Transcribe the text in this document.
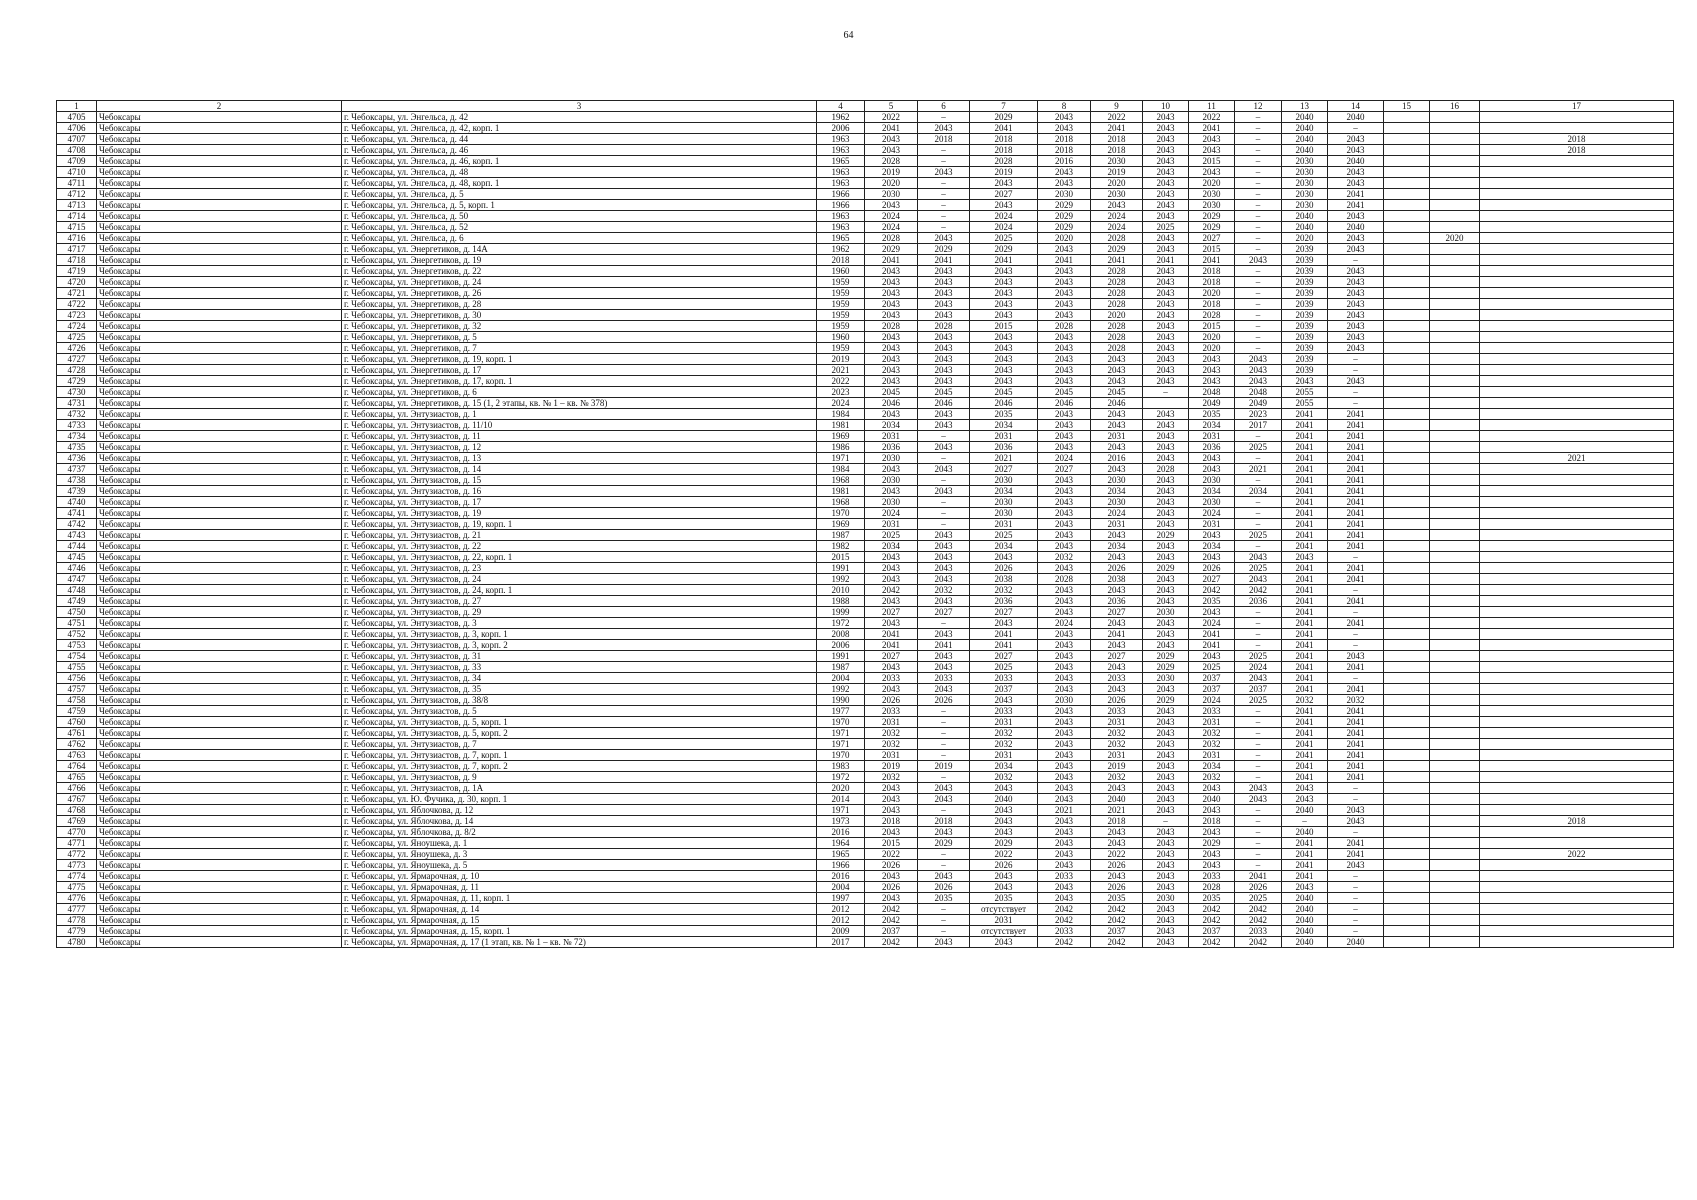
64
1	2	3	4	5	6	7	8	9	10	11	12	13	14	15	16	17
4705	Чебоксары	г. Чебоксары, ул. Энгельса, д. 42	1962	2022	–	2029	2043	2022	2043	2022	–	2040	2040			
4706	Чебоксары	г. Чебоксары, ул. Энгельса, д. 42, корп. 1	2006	2041	2043	2041	2043	2041	2043	2041	–	2040	–			
4707	Чебоксары	г. Чебоксары, ул. Энгельса, д. 44	1963	2043	2018	2018	2018	2018	2043	2043	–	2040	2043			2018
4708	Чебоксары	г. Чебоксары, ул. Энгельса, д. 46	1963	2043	–	2018	2018	2018	2043	2043	–	2040	2043			2018
4709	Чебоксары	г. Чебоксары, ул. Энгельса, д. 46, корп. 1	1965	2028	–	2028	2016	2030	2043	2015	–	2030	2040			
4710	Чебоксары	г. Чебоксары, ул. Энгельса, д. 48	1963	2019	2043	2019	2043	2019	2043	2043	–	2030	2043			
4711	Чебоксары	г. Чебоксары, ул. Энгельса, д. 48, корп. 1	1963	2020	–	2043	2043	2020	2043	2020	–	2030	2043			
4712	Чебоксары	г. Чебоксары, ул. Энгельса, д. 5	1966	2030	–	2027	2030	2030	2043	2030	–	2030	2041			
4713	Чебоксары	г. Чебоксары, ул. Энгельса, д. 5, корп. 1	1966	2043	–	2043	2029	2043	2043	2030	–	2030	2041			
4714	Чебоксары	г. Чебоксары, ул. Энгельса, д. 50	1963	2024	–	2024	2029	2024	2043	2029	–	2040	2043			
4715	Чебоксары	г. Чебоксары, ул. Энгельса, д. 52	1963	2024	–	2024	2029	2024	2025	2029	–	2040	2040			
4716	Чебоксары	г. Чебоксары, ул. Энгельса, д. 6	1965	2028	2043	2025	2020	2028	2043	2027	–	2020	2043		2020	
4717	Чебоксары	г. Чебоксары, ул. Энергетиков, д. 14А	1962	2029	2029	2029	2043	2029	2043	2015	–	2039	2043			
4718	Чебоксары	г. Чебоксары, ул. Энергетиков, д. 19	2018	2041	2041	2041	2041	2041	2041	2041	2043	2039	–			
4719	Чебоксары	г. Чебоксары, ул. Энергетиков, д. 22	1960	2043	2043	2043	2043	2028	2043	2018	–	2039	2043			
4720	Чебоксары	г. Чебоксары, ул. Энергетиков, д. 24	1959	2043	2043	2043	2043	2028	2043	2018	–	2039	2043			
4721	Чебоксары	г. Чебоксары, ул. Энергетиков, д. 26	1959	2043	2043	2043	2043	2028	2043	2020	–	2039	2043			
4722	Чебоксары	г. Чебоксары, ул. Энергетиков, д. 28	1959	2043	2043	2043	2043	2028	2043	2018	–	2039	2043			
4723	Чебоксары	г. Чебоксары, ул. Энергетиков, д. 30	1959	2043	2043	2043	2043	2020	2043	2028	–	2039	2043			
4724	Чебоксары	г. Чебоксары, ул. Энергетиков, д. 32	1959	2028	2028	2015	2028	2028	2043	2015	–	2039	2043			
4725	Чебоксары	г. Чебоксары, ул. Энергетиков, д. 5	1960	2043	2043	2043	2043	2028	2043	2020	–	2039	2043			
4726	Чебоксары	г. Чебоксары, ул. Энергетиков, д. 7	1959	2043	2043	2043	2043	2028	2043	2020	–	2039	2043			
4727	Чебоксары	г. Чебоксары, ул. Энергетиков, д. 19, корп. 1	2019	2043	2043	2043	2043	2043	2043	2043	2043	2039	–			
4728	Чебоксары	г. Чебоксары, ул. Энергетиков, д. 17	2021	2043	2043	2043	2043	2043	2043	2043	2043	2039	–			
4729	Чебоксары	г. Чебоксары, ул. Энергетиков, д. 17, корп. 1	2022	2043	2043	2043	2043	2043	2043	2043	2043	2043	2043			
4730	Чебоксары	г. Чебоксары, ул. Энергетиков, д. 6	2023	2045	2045	2045	2045	2045	–	2048	2048	2055	–			
4731	Чебоксары	г. Чебоксары, ул. Энергетиков, д. 15 (1, 2 этапы, кв. № 1 – кв. № 378)	2024	2046	2046	2046	2046	2046		2049	2049	2055	–			
4732	Чебоксары	г. Чебоксары, ул. Энтузиастов, д. 1	1984	2043	2043	2035	2043	2043	2043	2035	2023	2041	2041			
4733	Чебоксары	г. Чебоксары, ул. Энтузиастов, д. 11/10	1981	2034	2043	2034	2043	2043	2043	2034	2017	2041	2041			
4734	Чебоксары	г. Чебоксары, ул. Энтузиастов, д. 11	1969	2031	–	2031	2043	2031	2043	2031	–	2041	2041			
4735	Чебоксары	г. Чебоксары, ул. Энтузиастов, д. 12	1986	2036	2043	2036	2043	2043	2043	2036	2025	2041	2041			
4736	Чебоксары	г. Чебоксары, ул. Энтузиастов, д. 13	1971	2030	–	2021	2024	2016	2043	2043	–	2041	2041			2021
4737	Чебоксары	г. Чебоксары, ул. Энтузиастов, д. 14	1984	2043	2043	2027	2027	2043	2028	2043	2021	2041	2041			
4738	Чебоксары	г. Чебоксары, ул. Энтузиастов, д. 15	1968	2030	–	2030	2043	2030	2043	2030	–	2041	2041			
4739	Чебоксары	г. Чебоксары, ул. Энтузиастов, д. 16	1981	2043	2043	2034	2043	2034	2043	2034	2034	2041	2041			
4740	Чебоксары	г. Чебоксары, ул. Энтузиастов, д. 17	1968	2030	–	2030	2043	2030	2043	2030	–	2041	2041			
4741	Чебоксары	г. Чебоксары, ул. Энтузиастов, д. 19	1970	2024	–	2030	2043	2024	2043	2024	–	2041	2041			
4742	Чебоксары	г. Чебоксары, ул. Энтузиастов, д. 19, корп. 1	1969	2031	–	2031	2043	2031	2043	2031	–	2041	2041			
4743	Чебоксары	г. Чебоксары, ул. Энтузиастов, д. 21	1987	2025	2043	2025	2043	2043	2029	2043	2025	2041	2041			
4744	Чебоксары	г. Чебоксары, ул. Энтузиастов, д. 22	1982	2034	2043	2034	2043	2034	2043	2034	–	2041	2041			
4745	Чебоксары	г. Чебоксары, ул. Энтузиастов, д. 22, корп. 1	2015	2043	2043	2043	2032	2043	2043	2043	2043	2043	–			
4746	Чебоксары	г. Чебоксары, ул. Энтузиастов, д. 23	1991	2043	2043	2026	2043	2026	2029	2026	2025	2041	2041			
4747	Чебоксары	г. Чебоксары, ул. Энтузиастов, д. 24	1992	2043	2043	2038	2028	2038	2043	2027	2043	2041	2041			
4748	Чебоксары	г. Чебоксары, ул. Энтузиастов, д. 24, корп. 1	2010	2042	2032	2032	2043	2043	2043	2042	2042	2041	–			
4749	Чебоксары	г. Чебоксары, ул. Энтузиастов, д. 27	1988	2043	2043	2036	2043	2036	2043	2035	2036	2041	2041			
4750	Чебоксары	г. Чебоксары, ул. Энтузиастов, д. 29	1999	2027	2027	2027	2043	2027	2030	2043	–	2041	–			
4751	Чебоксары	г. Чебоксары, ул. Энтузиастов, д. 3	1972	2043	–	2043	2024	2043	2043	2024	–	2041	2041			
4752	Чебоксары	г. Чебоксары, ул. Энтузиастов, д. 3, корп. 1	2008	2041	2043	2041	2043	2041	2043	2041	–	2041	–			
4753	Чебоксары	г. Чебоксары, ул. Энтузиастов, д. 3, корп. 2	2006	2041	2041	2041	2043	2043	2043	2041	–	2041	–			
4754	Чебоксары	г. Чебоксары, ул. Энтузиастов, д. 31	1991	2027	2043	2027	2043	2027	2029	2043	2025	2041	2043			
4755	Чебоксары	г. Чебоксары, ул. Энтузиастов, д. 33	1987	2043	2043	2025	2043	2043	2029	2025	2024	2041	2041			
4756	Чебоксары	г. Чебоксары, ул. Энтузиастов, д. 34	2004	2033	2033	2033	2043	2033	2030	2037	2043	2041	–			
4757	Чебоксары	г. Чебоксары, ул. Энтузиастов, д. 35	1992	2043	2043	2037	2043	2043	2043	2037	2037	2041	2041			
4758	Чебоксары	г. Чебоксары, ул. Энтузиастов, д. 38/8	1990	2026	2026	2043	2030	2026	2029	2024	2025	2032	2032			
4759	Чебоксары	г. Чебоксары, ул. Энтузиастов, д. 5	1977	2033	–	2033	2043	2033	2043	2033	–	2041	2041			
4760	Чебоксары	г. Чебоксары, ул. Энтузиастов, д. 5, корп. 1	1970	2031	–	2031	2043	2031	2043	2031	–	2041	2041			
4761	Чебоксары	г. Чебоксары, ул. Энтузиастов, д. 5, корп. 2	1971	2032	–	2032	2043	2032	2043	2032	–	2041	2041			
4762	Чебоксары	г. Чебоксары, ул. Энтузиастов, д. 7	1971	2032	–	2032	2043	2032	2043	2032	–	2041	2041			
4763	Чебоксары	г. Чебоксары, ул. Энтузиастов, д. 7, корп. 1	1970	2031	–	2031	2043	2031	2043	2031	–	2041	2041			
4764	Чебоксары	г. Чебоксары, ул. Энтузиастов, д. 7, корп. 2	1983	2019	2019	2034	2043	2019	2043	2034	–	2041	2041			
4765	Чебоксары	г. Чебоксары, ул. Энтузиастов, д. 9	1972	2032	–	2032	2043	2032	2043	2032	–	2041	2041			
4766	Чебоксары	г. Чебоксары, ул. Энтузиастов, д. 1А	2020	2043	2043	2043	2043	2043	2043	2043	2043	2043	–			
4767	Чебоксары	г. Чебоксары, ул. Ю. Фучика, д. 30, корп. 1	2014	2043	2043	2040	2043	2040	2043	2040	2043	2043	–			
4768	Чебоксары	г. Чебоксары, ул. Яблочкова, д. 12	1971	2043	–	2043	2021	2021	2043	2043	–	2040	2043			
4769	Чебоксары	г. Чебоксары, ул. Яблочкова, д. 14	1973	2018	2018	2043	2043	2018	–	2018	–	–	2043			2018
4770	Чебоксары	г. Чебоксары, ул. Яблочкова, д. 8/2	2016	2043	2043	2043	2043	2043	2043	2043	–	2040	–			
4771	Чебоксары	г. Чебоксары, ул. Яноушека, д. 1	1964	2015	2029	2029	2043	2043	2043	2029	–	2041	2041			
4772	Чебоксары	г. Чебоксары, ул. Яноушека, д. 3	1965	2022	–	2022	2043	2022	2043	2043	–	2041	2041			2022
4773	Чебоксары	г. Чебоксары, ул. Яноушека, д. 5	1966	2026	–	2026	2043	2026	2043	2043	–	2041	2043			
4774	Чебоксары	г. Чебоксары, ул. Ярмарочная, д. 10	2016	2043	2043	2043	2033	2043	2043	2033	2041	2041	–			
4775	Чебоксары	г. Чебоксары, ул. Ярмарочная, д. 11	2004	2026	2026	2043	2043	2026	2043	2028	2026	2043	–			
4776	Чебоксары	г. Чебоксары, ул. Ярмарочная, д. 11, корп. 1	1997	2043	2035	2035	2043	2035	2030	2035	2025	2040	–			
4777	Чебоксары	г. Чебоксары, ул. Ярмарочная, д. 14	2012	2042	–	отсутствует	2042	2042	2043	2042	2042	2040	–			
4778	Чебоксары	г. Чебоксары, ул. Ярмарочная, д. 15	2012	2042	–	2031	2042	2042	2043	2042	2042	2040	–			
4779	Чебоксары	г. Чебоксары, ул. Ярмарочная, д. 15, корп. 1	2009	2037	–	отсутствует	2033	2037	2043	2037	2033	2040	–			
4780	Чебоксары	г. Чебоксары, ул. Ярмарочная, д. 17 (1 этап, кв. № 1 – кв. № 72)	2017	2042	2043	2043	2042	2042	2043	2042	2042	2040	2040			
